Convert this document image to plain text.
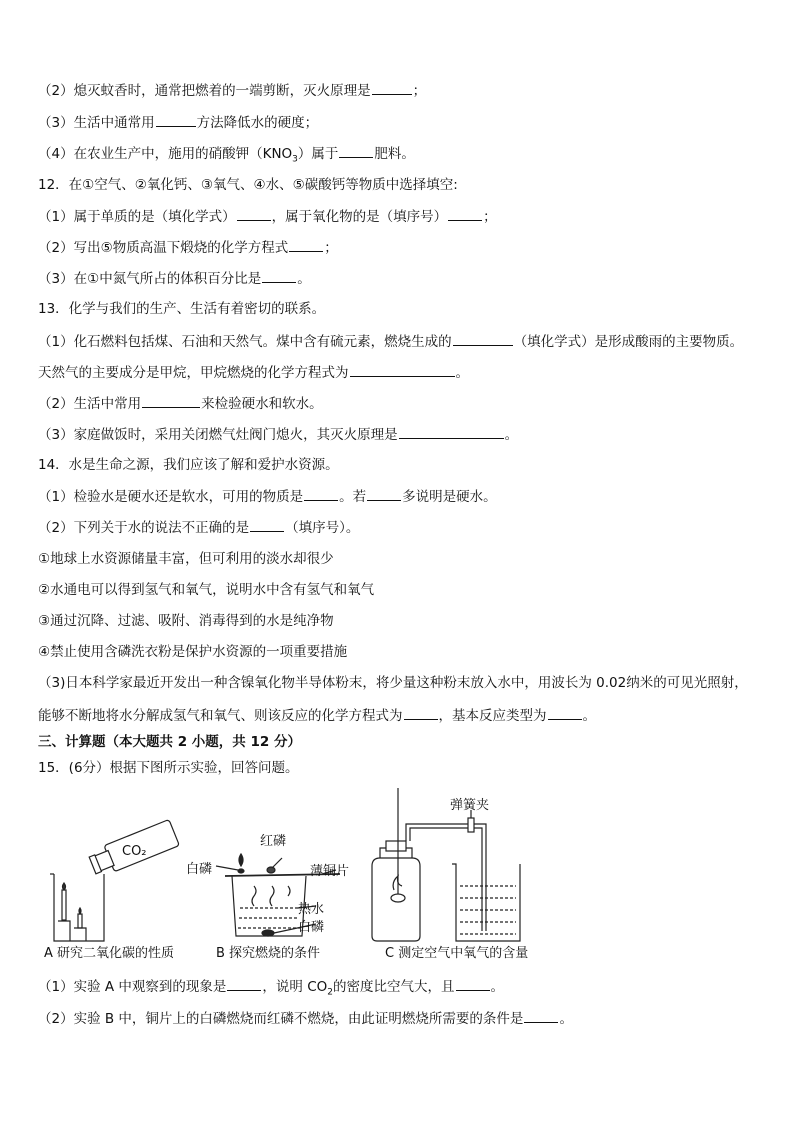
（2）熄灭蚊香时，通常把燃着的一端剪断，灭火原理是	；
（3）生活中通常用	方法降低水的硬度；
（4）在农业生产中，施用的硝酸钾$(KNO_3)$属于	肥料。
12．在①空气、②氧化钙、③氧气、④水、⑤碳酸钙等物质中选择填空:
（1）属于单质的是（填化学式）	，属于氧化物的是（填序号）	；
（2）写出⑤物质高温下煅烧的化学方程式	；
（3）在①中氮气所占的体积百分比是	。
13．化学与我们的生产、生活有着密切的联系。
（1）化石燃料包括煤、石油和天然气。煤中含有硫元素，燃烧生成的	（填化学式）是形成酸雨的主要物质。
天然气的主要成分是甲烷，甲烷燃烧的化学方程式为	。
（2）生活中常用	来检验硬水和软水。
（3）家庭做饭时，采用关闭燃气灶阀门熄火，其灭火原理是	。
14．水是生命之源，我们应该了解和爱护水资源。
（1）检验水是硬水还是软水，可用的物质是	。若	多说明是硬水。
（2）下列关于水的说法不正确的是	（填序号）。
①地球上水资源储量丰富，但可利用的淡水却很少
②水通电可以得到氢气和氧气，说明水中含有氢气和氧气
③通过沉降、过滤、吸附、消毒得到的水是纯净物
④禁止使用含磷洗衣粉是保护水资源的一项重要措施
（3)日本科学家最近开发出一种含镍氧化物半导体粉末，将少量这种粉末放入水中，用波长为 0.02纳米的可见光照射，
能够不断地将水分解成氢气和氧气、则该反应的化学方程式为	，基本反应类型为	。
三、计算题（本大题共 2 小题，共 12 分）
15．(6分）根据下图所示实验，回答问题。
CO₂
红磷
白磷	薄铜片
热水
白磷
弹簧夹
A 研究二氧化碳的性质	B 探究燃烧的条件	C 测定空气中氧气的含量
（1）实验 A 中观察到的现象是	，说明 $CO_2$的密度比空气大，且	。
（2）实验 B 中，铜片上的白磷燃烧而红磷不燃烧，由此证明燃烧所需要的条件是	。
